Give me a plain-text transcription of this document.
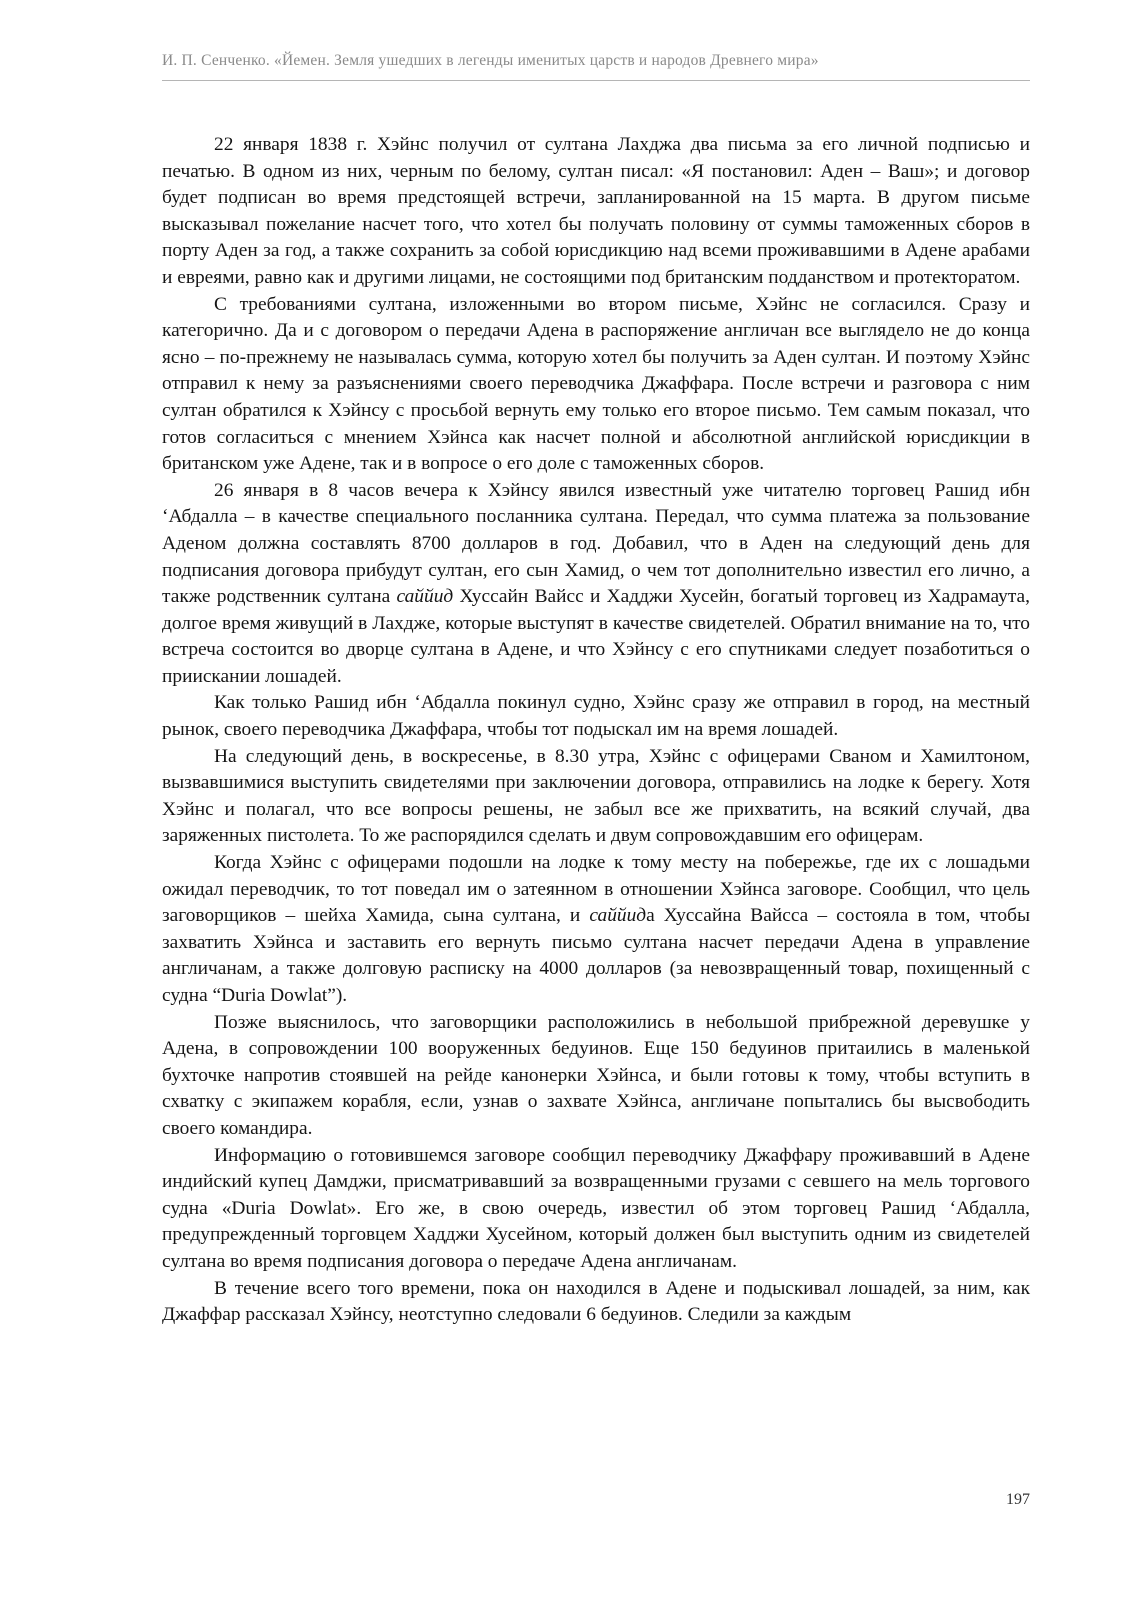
И. П. Сенченко. «Йемен. Земля ушедших в легенды именитых царств и народов Древнего мира»

22 января 1838 г. Хэйнс получил от султана Лахджа два письма за его личной подписью и печатью. В одном из них, черным по белому, султан писал: «Я постановил: Аден – Ваш»; и договор будет подписан во время предстоящей встречи, запланированной на 15 марта. В другом письме высказывал пожелание насчет того, что хотел бы получать половину от суммы таможенных сборов в порту Аден за год, а также сохранить за собой юрисдикцию над всеми проживавшими в Адене арабами и евреями, равно как и другими лицами, не состоящими под британским подданством и протекторатом.

С требованиями султана, изложенными во втором письме, Хэйнс не согласился. Сразу и категорично. Да и с договором о передачи Адена в распоряжение англичан все выглядело не до конца ясно – по-прежнему не называлась сумма, которую хотел бы получить за Аден султан. И поэтому Хэйнс отправил к нему за разъяснениями своего переводчика Джаффара. После встречи и разговора с ним султан обратился к Хэйнсу с просьбой вернуть ему только его второе письмо. Тем самым показал, что готов согласиться с мнением Хэйнса как насчет полной и абсолютной английской юрисдикции в британском уже Адене, так и в вопросе о его доле с таможенных сборов.

26 января в 8 часов вечера к Хэйнсу явился известный уже читателю торговец Рашид ибн ‘Абдалла – в качестве специального посланника султана. Передал, что сумма платежа за пользование Аденом должна составлять 8700 долларов в год. Добавил, что в Аден на следующий день для подписания договора прибудут султан, его сын Хамид, о чем тот дополнительно известил его лично, а также родственник султана саййид Хуссайн Вайсс и Хадджи Хусейн, богатый торговец из Хадрамаута, долгое время живущий в Лахдже, которые выступят в качестве свидетелей. Обратил внимание на то, что встреча состоится во дворце султана в Адене, и что Хэйнсу с его спутниками следует позаботиться о приискании лошадей.

Как только Рашид ибн ‘Абдалла покинул судно, Хэйнс сразу же отправил в город, на местный рынок, своего переводчика Джаффара, чтобы тот подыскал им на время лошадей.

На следующий день, в воскресенье, в 8.30 утра, Хэйнс с офицерами Сваном и Хамилтоном, вызвавшимися выступить свидетелями при заключении договора, отправились на лодке к берегу. Хотя Хэйнс и полагал, что все вопросы решены, не забыл все же прихватить, на всякий случай, два заряженных пистолета. То же распорядился сделать и двум сопровождавшим его офицерам.

Когда Хэйнс с офицерами подошли на лодке к тому месту на побережье, где их с лошадьми ожидал переводчик, то тот поведал им о затеянном в отношении Хэйнса заговоре. Сообщил, что цель заговорщиков – шейха Хамида, сына султана, и саййида Хуссайна Вайсса – состояла в том, чтобы захватить Хэйнса и заставить его вернуть письмо султана насчет передачи Адена в управление англичанам, а также долговую расписку на 4000 долларов (за невозвращенный товар, похищенный с судна “Duria Dowlat”).

Позже выяснилось, что заговорщики расположились в небольшой прибрежной деревушке у Адена, в сопровождении 100 вооруженных бедуинов. Еще 150 бедуинов притаились в маленькой бухточке напротив стоявшей на рейде канонерки Хэйнса, и были готовы к тому, чтобы вступить в схватку с экипажем корабля, если, узнав о захвате Хэйнса, англичане попытались бы высвободить своего командира.

Информацию о готовившемся заговоре сообщил переводчику Джаффару проживавший в Адене индийский купец Дамджи, присматривавший за возвращенными грузами с севшего на мель торгового судна «Duria Dowlat». Его же, в свою очередь, известил об этом торговец Рашид ‘Абдалла, предупрежденный торговцем Хадджи Хусейном, который должен был выступить одним из свидетелей султана во время подписания договора о передаче Адена англичанам.

В течение всего того времени, пока он находился в Адене и подыскивал лошадей, за ним, как Джаффар рассказал Хэйнсу, неотступно следовали 6 бедуинов. Следили за каждым

197
